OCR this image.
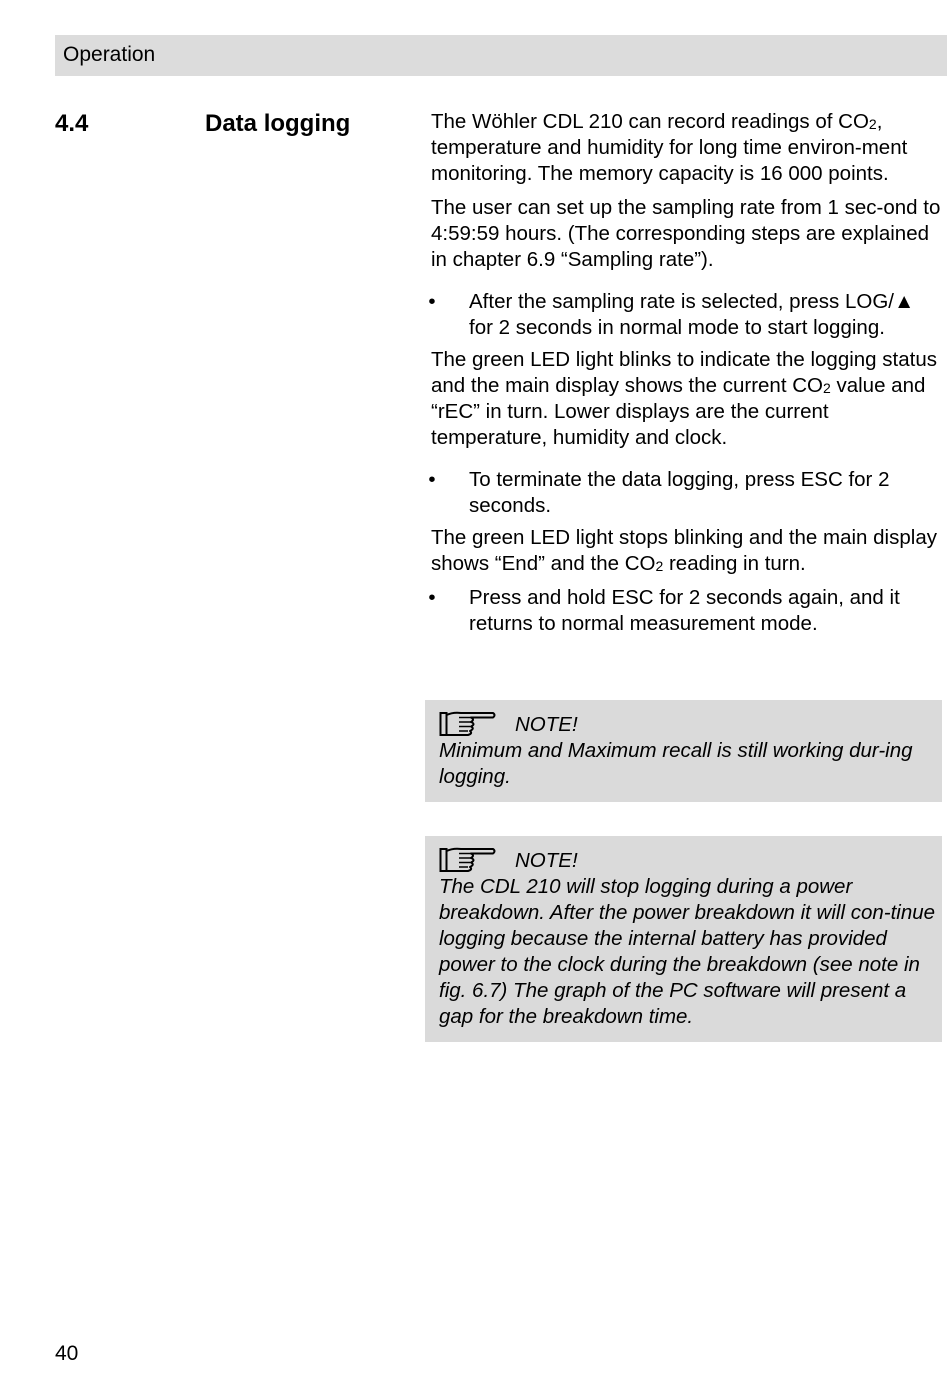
Operation
4.4	Data logging	The Wöhler CDL 210 can record readings of $CO_2$, temperature and humidity for long time environ-ment monitoring. The memory capacity is 16 000 points.

The user can set up the sampling rate from 1 sec-ond to 4:59:59 hours. (The corresponding steps are explained in chapter 6.9 “Sampling rate”).

• After the sampling rate is selected, press LOG/▲ for 2 seconds in normal mode to start logging.

The green LED light blinks to indicate the logging status and the main display shows the current $CO_2$ value and “rEC” in turn. Lower displays are the current temperature, humidity and clock.

• To terminate the data logging, press ESC for 2 seconds.

The green LED light stops blinking and the main display shows “End” and the $CO_2$ reading in turn.

• Press and hold ESC for 2 seconds again, and it returns to normal measurement mode.
NOTE!
Minimum and Maximum recall is still working dur-ing logging.
NOTE!
The CDL 210 will stop logging during a power breakdown. After the power breakdown it will con-tinue logging because the internal battery has provided power to the clock during the breakdown (see note in fig. 6.7) The graph of the PC software will present a gap for the breakdown time.
40
